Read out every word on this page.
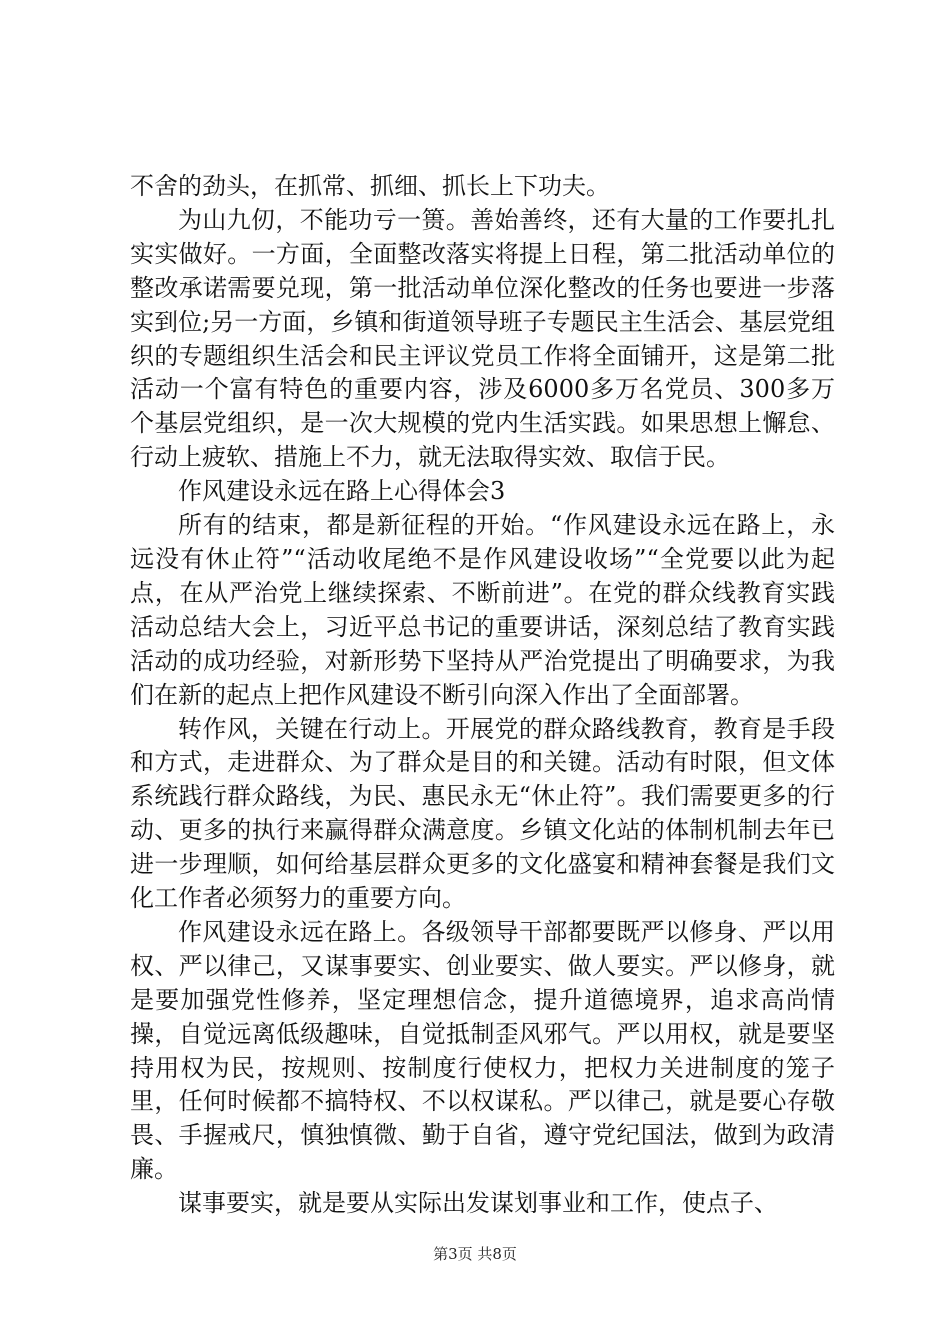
不舍的劲头，在抓常、抓细、抓长上下功夫。

为山九仞，不能功亏一篑。善始善终，还有大量的工作要扎扎实实做好。一方面，全面整改落实将提上日程，第二批活动单位的整改承诺需要兑现，第一批活动单位深化整改的任务也要进一步落实到位;另一方面，乡镇和街道领导班子专题民主生活会、基层党组织的专题组织生活会和民主评议党员工作将全面铺开，这是第二批活动一个富有特色的重要内容，涉及6000多万名党员、300多万个基层党组织，是一次大规模的党内生活实践。如果思想上懈怠、行动上疲软、措施上不力，就无法取得实效、取信于民。

作风建设永远在路上心得体会3

所有的结束，都是新征程的开始。“作风建设永远在路上，永远没有休止符”“活动收尾绝不是作风建设收场”“全党要以此为起点，在从严治党上继续探索、不断前进”。在党的群众线教育实践活动总结大会上，习近平总书记的重要讲话，深刻总结了教育实践活动的成功经验，对新形势下坚持从严治党提出了明确要求，为我们在新的起点上把作风建设不断引向深入作出了全面部署。

转作风，关键在行动上。开展党的群众路线教育，教育是手段和方式，走进群众、为了群众是目的和关键。活动有时限，但文体系统践行群众路线，为民、惠民永无“休止符”。我们需要更多的行动、更多的执行来赢得群众满意度。乡镇文化站的体制机制去年已进一步理顺，如何给基层群众更多的文化盛宴和精神套餐是我们文化工作者必须努力的重要方向。

作风建设永远在路上。各级领导干部都要既严以修身、严以用权、严以律己，又谋事要实、创业要实、做人要实。严以修身，就是要加强党性修养，坚定理想信念，提升道德境界，追求高尚情操，自觉远离低级趣味，自觉抵制歪风邪气。严以用权，就是要坚持用权为民，按规则、按制度行使权力，把权力关进制度的笼子里，任何时候都不搞特权、不以权谋私。严以律己，就是要心存敬畏、手握戒尺，慎独慎微、勤于自省，遵守党纪国法，做到为政清廉。

谋事要实，就是要从实际出发谋划事业和工作，使点子、

第3页 共8页
